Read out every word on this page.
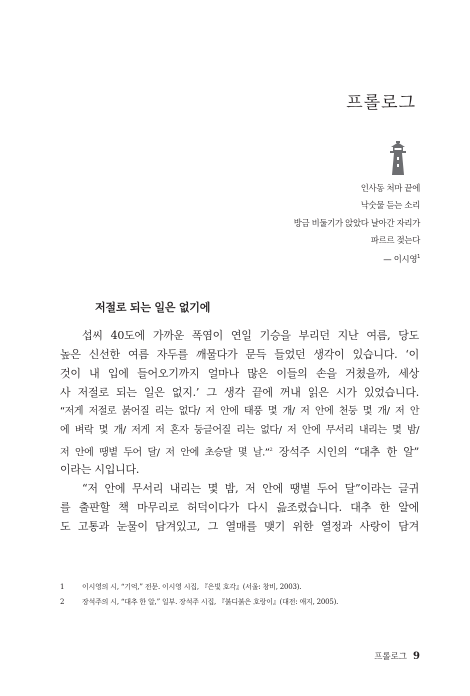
프롤로그
인사동 처마 끝에
낙숫물 듣는 소리
방금 비둘기가 앉았다 날아간 자리가
파르르 젖는다
— 이시영$^1$
저절로 되는 일은 없기에
섭씨 40도에 가까운 폭염이 연일 기승을 부리던 지난 여름, 당도
높은 신선한 여름 자두를 깨물다가 문득 들었던 생각이 있습니다. ‘이
것이 내 입에 들어오기까지 얼마나 많은 이들의 손을 거쳤을까, 세상
사 저절로 되는 일은 없지.’ 그 생각 끝에 꺼내 읽은 시가 있었습니다.
“저게 저절로 붉어질 리는 없다/ 저 안에 태풍 몇 개/ 저 안에 천둥 몇 개/ 저 안
에 벼락 몇 개/ 저게 저 혼자 둥글어질 리는 없다/ 저 안에 무서리 내리는 몇 밤/
저 안에 땡볕 두어 달/ 저 안에 초승달 몇 날.”$^2$ 장석주 시인의 “대추 한 알”
이라는 시입니다.
“저 안에 무서리 내리는 몇 밤, 저 안에 땡볕 두어 달”이라는 글귀
를 출판할 책 마무리로 허덕이다가 다시 읊조렸습니다. 대추 한 알에
도 고통과 눈물이 담겨있고, 그 열매를 맺기 위한 열정과 사랑이 담겨
1	이시영의 시, “기억,” 전문. 이시영 시집, 『은빛 호각』(서울: 창비, 2003).
2	장석주의 시, “대추 한 알,” 일부. 장석주 시집, 『붉디붉은 호랑이』(대전: 애지, 2005).
프롤로그 9
